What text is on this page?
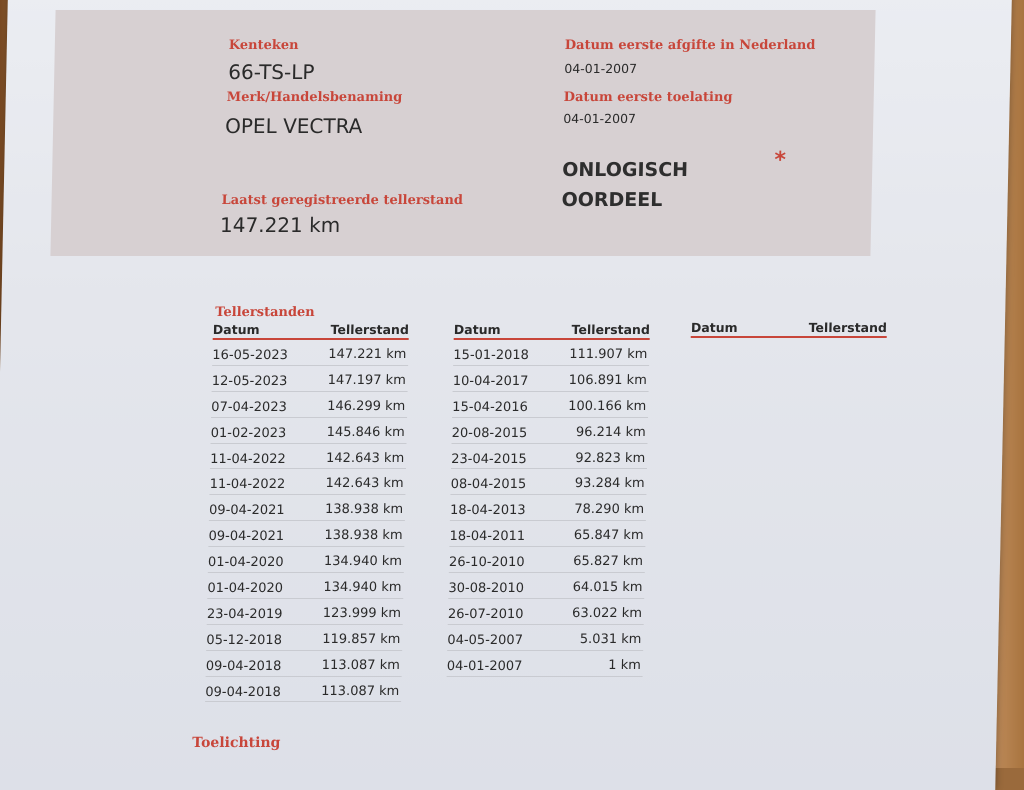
Kenteken
66-TS-LP
Merk/Handelsbenaming
OPEL VECTRA
Laatst geregistreerde tellerstand
147.221 km
Datum eerste afgifte in Nederland
04-01-2007
Datum eerste toelating
04-01-2007
ONLOGISCH
OORDEEL
*
Tellerstanden
Datum	Tellerstand
16-05-2023	147.221 km
12-05-2023	147.197 km
07-04-2023	146.299 km
01-02-2023	145.846 km
11-04-2022	142.643 km
11-04-2022	142.643 km
09-04-2021	138.938 km
09-04-2021	138.938 km
01-04-2020	134.940 km
01-04-2020	134.940 km
23-04-2019	123.999 km
05-12-2018	119.857 km
09-04-2018	113.087 km
09-04-2018	113.087 km
Datum	Tellerstand
15-01-2018	111.907 km
10-04-2017	106.891 km
15-04-2016	100.166 km
20-08-2015	96.214 km
23-04-2015	92.823 km
08-04-2015	93.284 km
18-04-2013	78.290 km
18-04-2011	65.847 km
26-10-2010	65.827 km
30-08-2010	64.015 km
26-07-2010	63.022 km
04-05-2007	5.031 km
04-01-2007	1 km
Datum	Tellerstand
Toelichting
